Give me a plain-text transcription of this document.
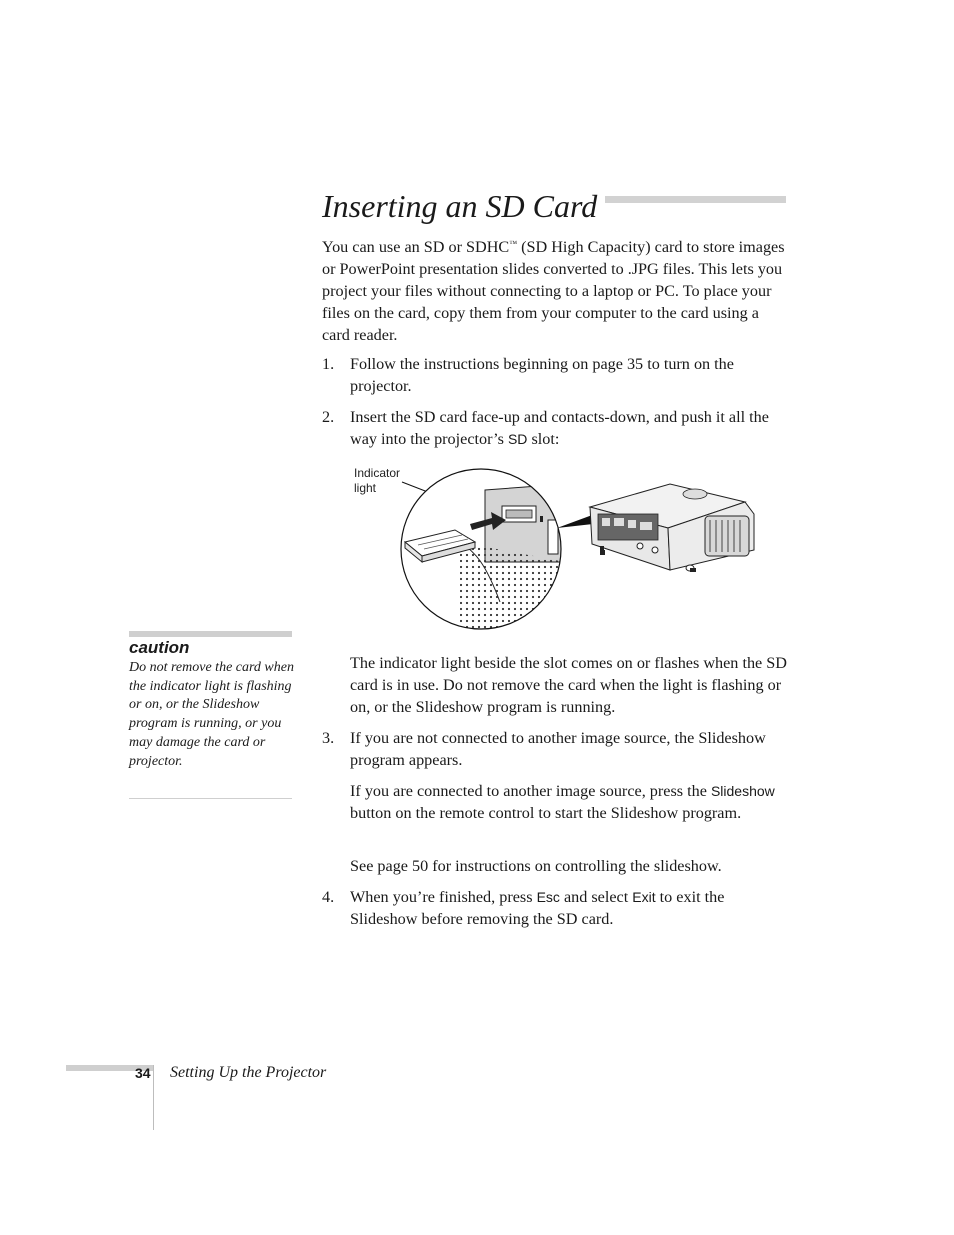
Inserting an SD Card

You can use an SD or SDHC™ (SD High Capacity) card to store images or PowerPoint presentation slides converted to .JPG files. This lets you project your files without connecting to a laptop or PC. To place your files on the card, copy them from your computer to the card using a card reader.

1. Follow the instructions beginning on page 35 to turn on the projector.
2. Insert the SD card face-up and contacts-down, and push it all the way into the projector’s SD slot:
Indicator
light

The indicator light beside the slot comes on or flashes when the SD card is in use. Do not remove the card when the light is flashing or on, or the Slideshow program is running.

3. If you are not connected to another image source, the Slideshow program appears.

If you are connected to another image source, press the Slideshow button on the remote control to start the Slideshow program.

See page 50 for instructions on controlling the slideshow.

4. When you’re finished, press Esc and select Exit to exit the Slideshow before removing the SD card.
caution

Do not remove the card when the indicator light is flashing or on, or the Slideshow program is running, or you may damage the card or projector.

34 Setting Up the Projector
